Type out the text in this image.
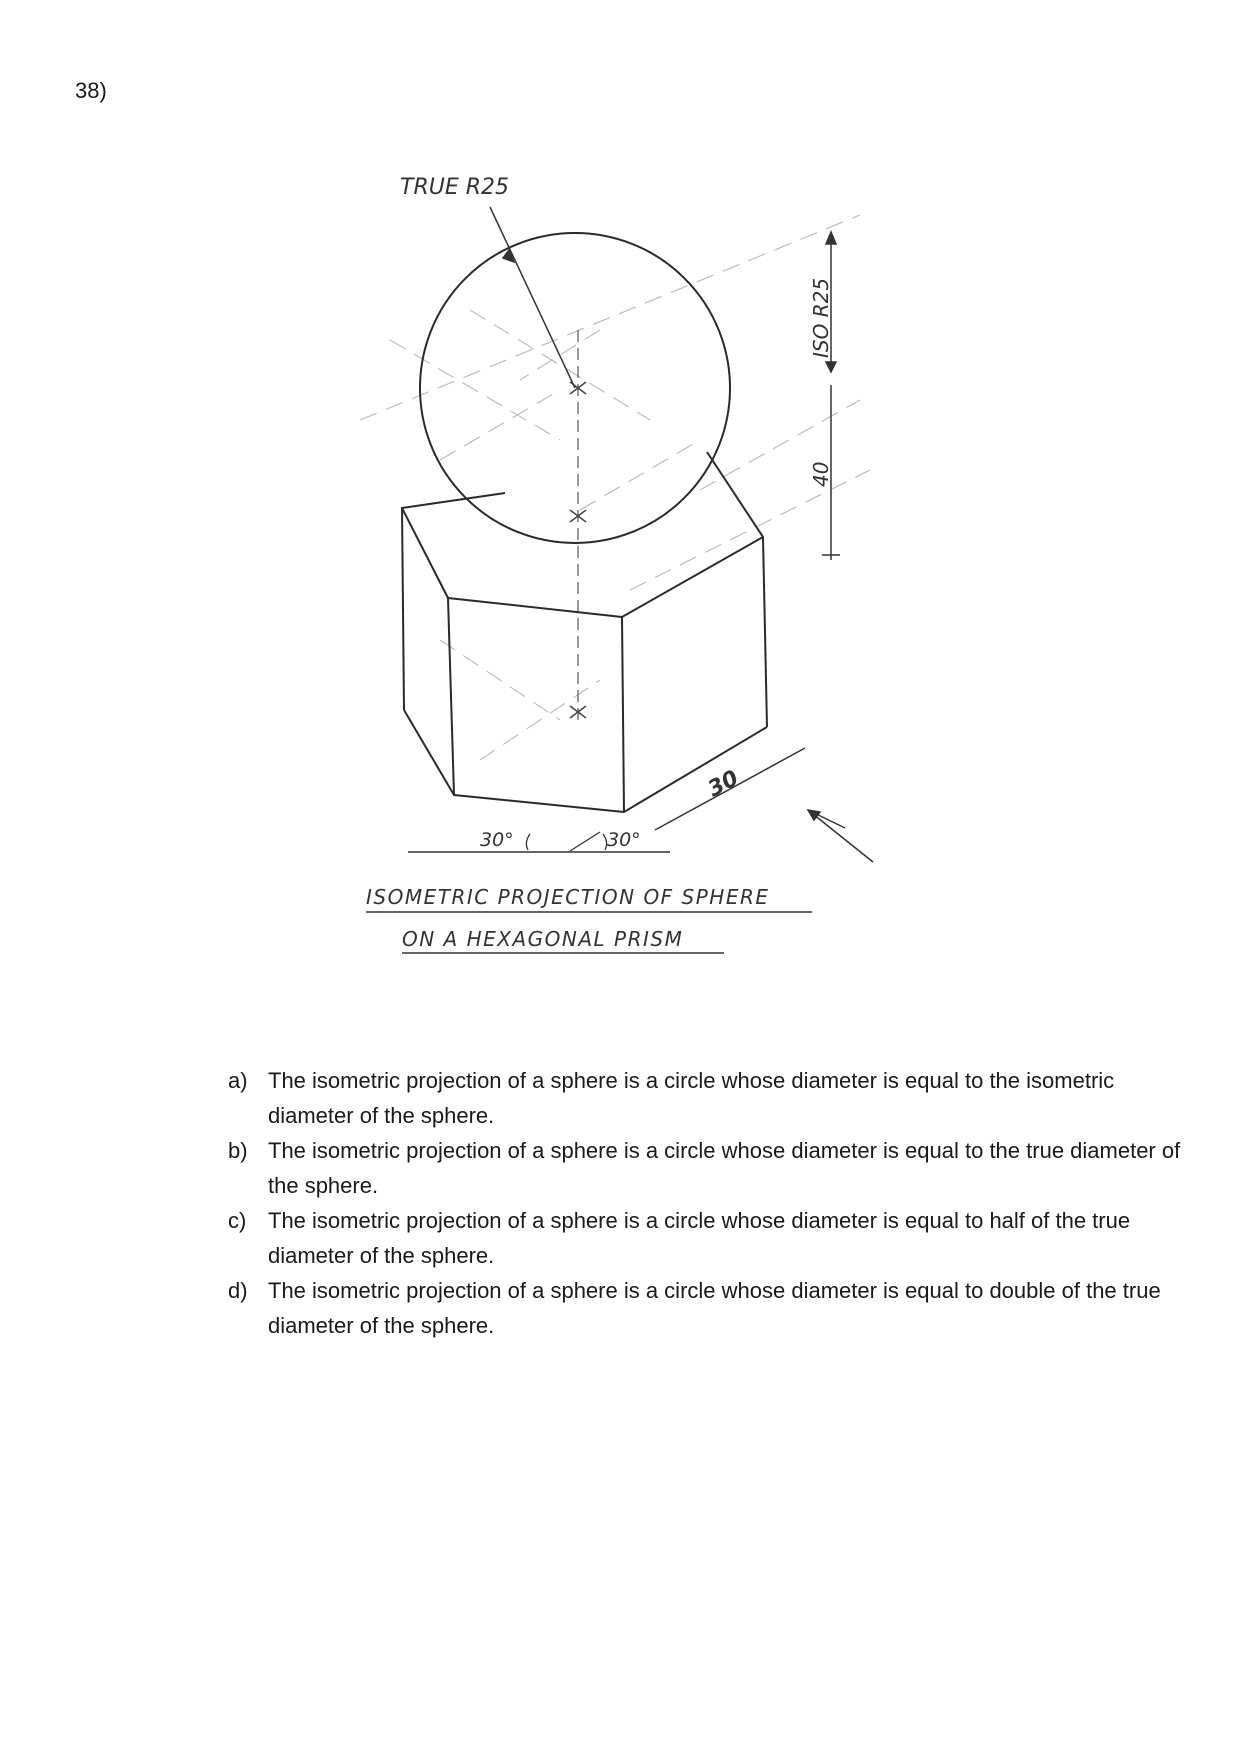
38)
TRUE R25
ISO R25
40
30
30°	30°
ISOMETRIC PROJECTION OF SPHERE
ON A HEXAGONAL PRISM
a) The isometric projection of a sphere is a circle whose diameter is equal to the isometric diameter of the sphere.
b) The isometric projection of a sphere is a circle whose diameter is equal to the true diameter of the sphere.
c) The isometric projection of a sphere is a circle whose diameter is equal to half of the true diameter of the sphere.
d) The isometric projection of a sphere is a circle whose diameter is equal to double of the true diameter of the sphere.
